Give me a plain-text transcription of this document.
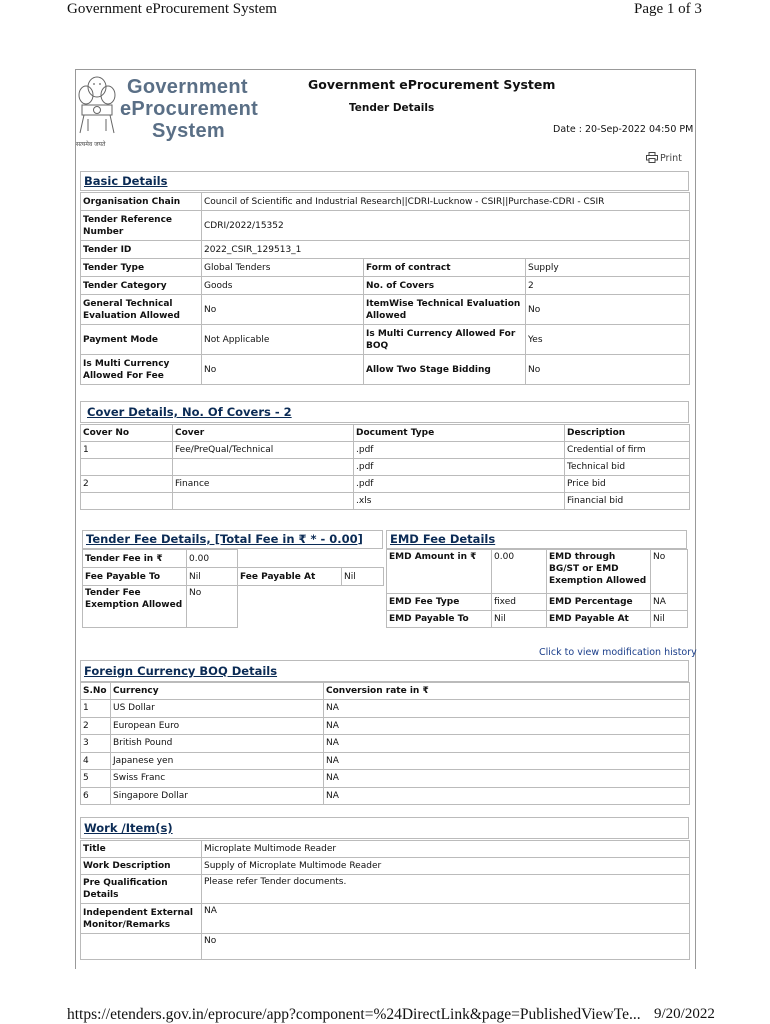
Government eProcurement System	Page 1 of 3
https://etenders.gov.in/eprocure/app?component=%24DirectLink&page=PublishedViewTe... 9/20/2022
सत्यमेव जयते
Government
eProcurement
System
Government eProcurement System
Tender Details
Date : 20-Sep-2022 04:50 PM
Print
Basic Details
Organisation Chain	Council of Scientific and Industrial Research||CDRI-Lucknow - CSIR||Purchase-CDRI - CSIR		
Tender Reference Number	CDRI/2022/15352		
Tender ID	2022_CSIR_129513_1		
Tender Type	Global Tenders	Form of contract	Supply
Tender Category	Goods	No. of Covers	2
General Technical Evaluation Allowed	No	ItemWise Technical Evaluation Allowed	No
Payment Mode	Not Applicable	Is Multi Currency Allowed For BOQ	Yes
Is Multi Currency Allowed For Fee	No	Allow Two Stage Bidding	No
Cover Details, No. Of Covers - 2
Cover No	Cover	Document Type	Description
1	Fee/PreQual/Technical	.pdf	Credential of firm
		.pdf	Technical bid
2	Finance	.pdf	Price bid
		.xls	Financial bid
Tender Fee Details, [Total Fee in ₹ * - 0.00]
Tender Fee in ₹	0.00		
Fee Payable To	Nil	Fee Payable At	Nil
Tender Fee Exemption Allowed	No		
EMD Fee Details
EMD Amount in ₹	0.00	EMD through BG/ST or EMD Exemption Allowed	No
EMD Fee Type	fixed	EMD Percentage	NA
EMD Payable To	Nil	EMD Payable At	Nil
Click to view modification history
Foreign Currency BOQ Details
S.No	Currency	Conversion rate in ₹
1	US Dollar	NA
2	European Euro	NA
3	British Pound	NA
4	Japanese yen	NA
5	Swiss Franc	NA
6	Singapore Dollar	NA
Work /Item(s)
Title	Microplate Multimode Reader
Work Description	Supply of Microplate Multimode Reader
Pre Qualification Details	Please refer Tender documents.
Independent External Monitor/Remarks	NA
	No
